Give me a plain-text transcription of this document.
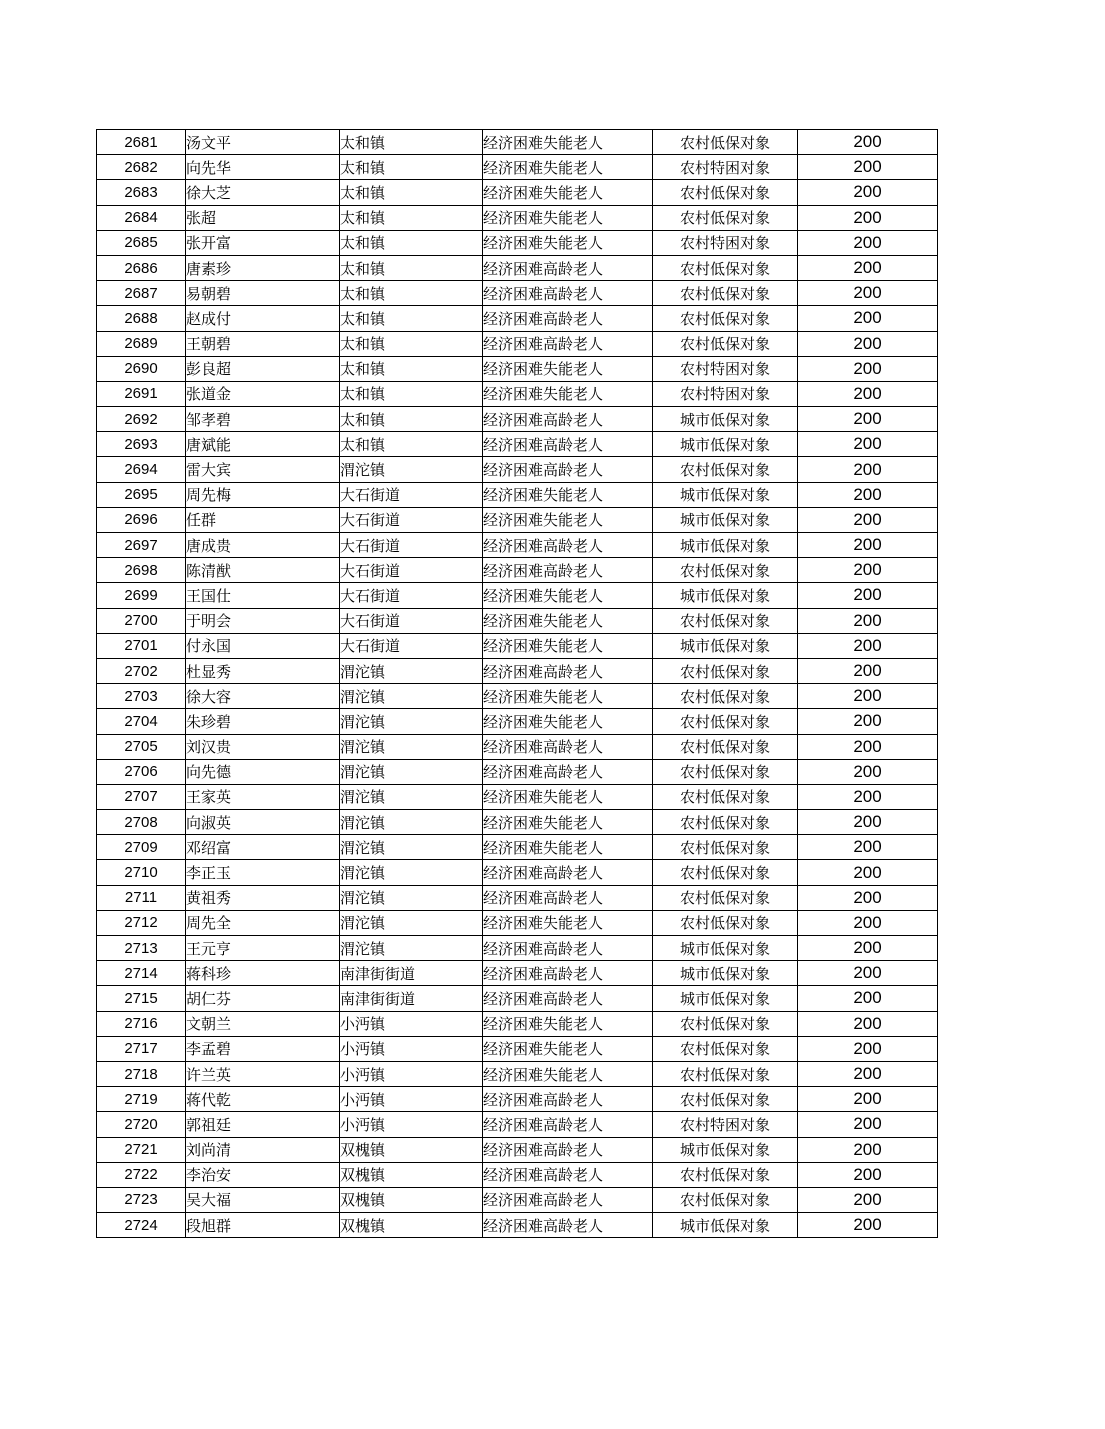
2681	汤文平	太和镇	经济困难失能老人	农村低保对象	200
2682	向先华	太和镇	经济困难失能老人	农村特困对象	200
2683	徐大芝	太和镇	经济困难失能老人	农村低保对象	200
2684	张超	太和镇	经济困难失能老人	农村低保对象	200
2685	张开富	太和镇	经济困难失能老人	农村特困对象	200
2686	唐素珍	太和镇	经济困难高龄老人	农村低保对象	200
2687	易朝碧	太和镇	经济困难高龄老人	农村低保对象	200
2688	赵成付	太和镇	经济困难高龄老人	农村低保对象	200
2689	王朝碧	太和镇	经济困难高龄老人	农村低保对象	200
2690	彭良超	太和镇	经济困难失能老人	农村特困对象	200
2691	张道金	太和镇	经济困难失能老人	农村特困对象	200
2692	邹孝碧	太和镇	经济困难高龄老人	城市低保对象	200
2693	唐斌能	太和镇	经济困难高龄老人	城市低保对象	200
2694	雷大宾	渭沱镇	经济困难高龄老人	农村低保对象	200
2695	周先梅	大石街道	经济困难失能老人	城市低保对象	200
2696	任群	大石街道	经济困难失能老人	城市低保对象	200
2697	唐成贵	大石街道	经济困难高龄老人	城市低保对象	200
2698	陈清猷	大石街道	经济困难高龄老人	农村低保对象	200
2699	王国仕	大石街道	经济困难失能老人	城市低保对象	200
2700	于明会	大石街道	经济困难失能老人	农村低保对象	200
2701	付永国	大石街道	经济困难失能老人	城市低保对象	200
2702	杜显秀	渭沱镇	经济困难高龄老人	农村低保对象	200
2703	徐大容	渭沱镇	经济困难失能老人	农村低保对象	200
2704	朱珍碧	渭沱镇	经济困难失能老人	农村低保对象	200
2705	刘汉贵	渭沱镇	经济困难高龄老人	农村低保对象	200
2706	向先德	渭沱镇	经济困难高龄老人	农村低保对象	200
2707	王家英	渭沱镇	经济困难失能老人	农村低保对象	200
2708	向淑英	渭沱镇	经济困难失能老人	农村低保对象	200
2709	邓绍富	渭沱镇	经济困难失能老人	农村低保对象	200
2710	李正玉	渭沱镇	经济困难高龄老人	农村低保对象	200
2711	黄祖秀	渭沱镇	经济困难高龄老人	农村低保对象	200
2712	周先全	渭沱镇	经济困难失能老人	农村低保对象	200
2713	王元亨	渭沱镇	经济困难高龄老人	城市低保对象	200
2714	蒋科珍	南津街街道	经济困难高龄老人	城市低保对象	200
2715	胡仁芬	南津街街道	经济困难高龄老人	城市低保对象	200
2716	文朝兰	小沔镇	经济困难失能老人	农村低保对象	200
2717	李孟碧	小沔镇	经济困难失能老人	农村低保对象	200
2718	许兰英	小沔镇	经济困难失能老人	农村低保对象	200
2719	蒋代乾	小沔镇	经济困难高龄老人	农村低保对象	200
2720	郭祖廷	小沔镇	经济困难高龄老人	农村特困对象	200
2721	刘尚清	双槐镇	经济困难高龄老人	城市低保对象	200
2722	李治安	双槐镇	经济困难高龄老人	农村低保对象	200
2723	吴大福	双槐镇	经济困难高龄老人	农村低保对象	200
2724	段旭群	双槐镇	经济困难高龄老人	城市低保对象	200
